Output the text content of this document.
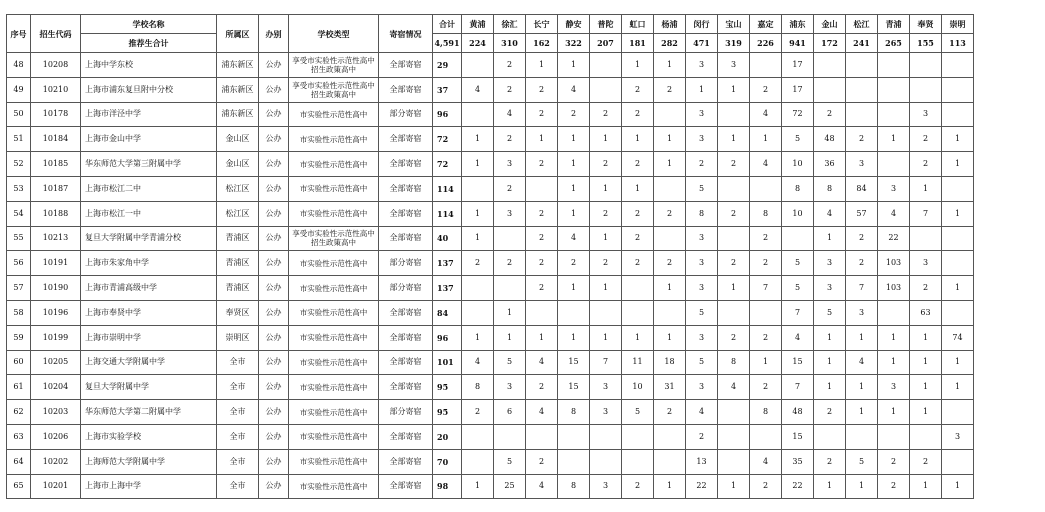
序号	招生代码	学校名称	所属区	办别	学校类型	寄宿情况	合计	黄浦	徐汇	长宁	静安	普陀	虹口	杨浦	闵行	宝山	嘉定	浦东	金山	松江	青浦	奉贤	崇明
		推荐生合计					4,591	224	310	162	322	207	181	282	471	319	226	941	172	241	265	155	113
48	10208	上海中学东校	浦东新区	公办	享受市实验性示范性高中招生政策高中	全部寄宿	29		2	1	1		1	1	3	3		17					
49	10210	上海市浦东复旦附中分校	浦东新区	公办	享受市实验性示范性高中招生政策高中	全部寄宿	37	4	2	2	4		2	2	1	1	2	17					
50	10178	上海市洋泾中学	浦东新区	公办	市实验性示范性高中	部分寄宿	96		4	2	2	2	2		3		4	72	2			3	
51	10184	上海市金山中学	金山区	公办	市实验性示范性高中	全部寄宿	72	1	2	1	1	1	1	1	3	1	1	5	48	2	1	2	1
52	10185	华东师范大学第三附属中学	金山区	公办	市实验性示范性高中	全部寄宿	72	1	3	2	1	2	2	1	2	2	4	10	36	3		2	1
53	10187	上海市松江二中	松江区	公办	市实验性示范性高中	全部寄宿	114		2		1	1	1		5			8	8	84	3	1	
54	10188	上海市松江一中	松江区	公办	市实验性示范性高中	全部寄宿	114	1	3	2	1	2	2	2	8	2	8	10	4	57	4	7	1
55	10213	复旦大学附属中学青浦分校	青浦区	公办	享受市实验性示范性高中招生政策高中	全部寄宿	40	1		2	4	1	2		3		2		1	2	22		
56	10191	上海市朱家角中学	青浦区	公办	市实验性示范性高中	部分寄宿	137	2	2	2	2	2	2	2	3	2	2	5	3	2	103	3	
57	10190	上海市青浦高级中学	青浦区	公办	市实验性示范性高中	部分寄宿	137			2	1	1		1	3	1	7	5	3	7	103	2	1
58	10196	上海市奉贤中学	奉贤区	公办	市实验性示范性高中	全部寄宿	84		1						5			7	5	3		63	
59	10199	上海市崇明中学	崇明区	公办	市实验性示范性高中	全部寄宿	96	1	1	1	1	1	1	1	3	2	2	4	1	1	1	1	74
60	10205	上海交通大学附属中学	全市	公办	市实验性示范性高中	全部寄宿	101	4	5	4	15	7	11	18	5	8	1	15	1	4	1	1	1
61	10204	复旦大学附属中学	全市	公办	市实验性示范性高中	全部寄宿	95	8	3	2	15	3	10	31	3	4	2	7	1	1	3	1	1
62	10203	华东师范大学第二附属中学	全市	公办	市实验性示范性高中	部分寄宿	95	2	6	4	8	3	5	2	4		8	48	2	1	1	1	
63	10206	上海市实验学校	全市	公办	市实验性示范性高中	全部寄宿	20								2			15					3
64	10202	上海师范大学附属中学	全市	公办	市实验性示范性高中	全部寄宿	70		5	2					13		4	35	2	5	2	2	
65	10201	上海市上海中学	全市	公办	市实验性示范性高中	全部寄宿	98	1	25	4	8	3	2	1	22	1	2	22	1	1	2	1	1
